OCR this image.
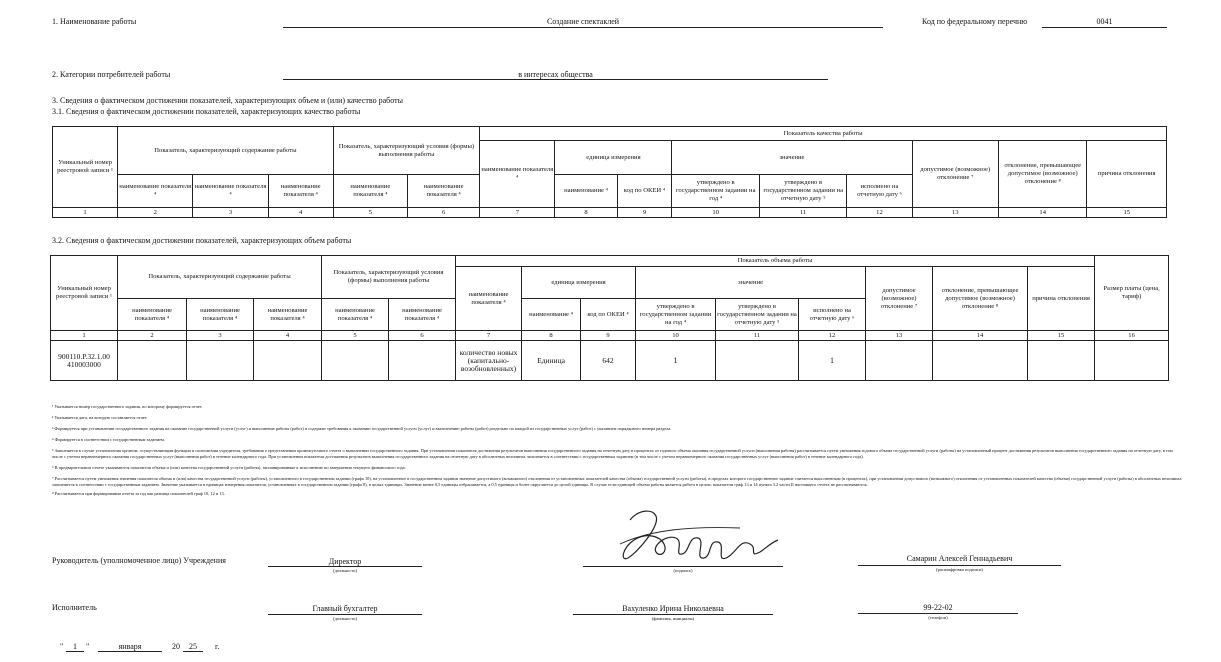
1. Наименование работы	Создание спектаклей	Код по федеральному перечню	0041
2. Категории потребителей работы	в интересах общества
3. Сведения о фактическом достижении показателей, характеризующих объем и (или) качество работы
3.1. Сведения о фактическом достижении показателей, характеризующих качество работы
Уникальный номер реестровой записи ¹	Показатель, характеризующий содержание работы			Показатель, характеризующий условия (формы) выполнения работы		Показатель качества работы								
						наименование показателя ⁴	единица измерения		значение			допустимое (возможное) отклонение ⁷	отклонение, превышающее допустимое (возможное) отклонение ⁸	причина отклонения
	наименование показателя ⁴	наименование показателя ⁴	наименование показателя ⁴	наименование показателя ⁴	наименование показателя ⁴		наименование ⁴	код по ОКЕИ ⁴	утверждено в государственном задании на год ⁴	утверждено в государственном задании на отчетную дату ⁵	исполнено на отчетную дату ⁶			
1	2	3	4	5	6	7	8	9	10	11	12	13	14	15
3.2. Сведения о фактическом достижении показателей, характеризующих объем работы
Уникальный номер реестровой записи ¹	Показатель, характеризующий содержание работы			Показатель, характеризующий условия (формы) выполнения работы		Показатель объема работы									Размер платы (цена, тариф)
						наименование показателя ⁴	единица измерения		значение			допустимое (возможное) отклонение ⁷	отклонение, превышающее допустимое (возможное) отклонение ⁸	причина отклонения	
	наименование показателя ⁴	наименование показателя ⁴	наименование показателя ⁴	наименование показателя ⁴	наименование показателя ⁴		наименование ⁴	код по ОКЕИ ⁴	утверждено в государственном задании на год ⁴	утверждено в государственном задании на отчетную дату ⁵	исполнено на отчетную дату ⁶				
1	2	3	4	5	6	7	8	9	10	11	12	13	14	15	16
900110.Р.32.1.00 410003000						количество новых (капитально-возобновленных)	Единица	642	1		1				

¹ Указывается номер государственного задания, по которому формируется отчет.

² Указывается дата, на которую составляется отчет.

³ Формируется при установлении государственного задания на оказание государственной услуги (услуг) и выполнение работы (работ) и содержит требования к оказанию государственной услуги (услуг) и выполнению работы (работ) раздельно по каждой из государственных услуг (работ) с указанием порядкового номера раздела.

⁴ Формируется в соответствии с государственным заданием.

⁵ Заполняется в случае установления органом, осуществляющим функции и полномочия учредителя, требования о представлении промежуточного отчета о выполнении государственного задания. При установлении показателя достижения результатов выполнения государственного задания на отчетную дату в процентах от годового объема оказания государственной услуги (выполнения работы) рассчитывается путем умножения годового объема государственной услуги (работы) на установленный процент достижения результатов выполнения государственного задания на отчетную дату, в том числе с учетом неравномерного оказания государственных услуг (выполнения работ) в течение календарного года. При установлении показателя достижения результатов выполнения государственного задания на отчетную дату в абсолютных величинах заполняется в соответствии с государственным заданием (в том числе с учетом неравномерного оказания государственных услуг (выполнения работ) в течение календарного года).

⁶ В предварительном отчете указываются показатели объема и (или) качества государственной услуги (работы), запланированные к исполнению по завершении текущего финансового года.

⁷ Рассчитывается путем умножения значения показателя объема и (или) качества государственной услуги (работы), установленного в государственном задании (графа 10), на установленное в государственном задании значение допустимого (возможного) отклонения от установленных показателей качества (объема) государственной услуги (работы), в пределах которого государственное задание считается выполненным (в процентах), при установлении допустимого (возможного) отклонения от установленных показателей качества (объема) государственной услуги (работы) в абсолютных величинах заполняется в соответствии с государственным заданием. Значение указывается в единицах измерения показателя, установленных в государственном задании (графа 8), в целых единицах. Значение менее 0,5 единицы отбрасывается, а 0,5 единицы и более округляется до целой единицы. В случае если единицей объема работы является работа в целом, показатели граф 13 и 14 пункта 3.2 части II настоящего отчета не рассчитываются.

⁸ Рассчитывается при формировании отчета за год как разница показателей граф 10, 12 и 13.

Руководитель (уполномоченное лицо) Учреждения	Директор
(должность)	(подпись)
Самарин Алексей Геннадьевич
(расшифровка подписи)
Исполнитель	Главный бухгалтер
(должность)
Вахуленко Ирина Николаевна
(фамилия, инициалы)
99-22-02
(телефон)
"	1	"	января	20	25	г.
